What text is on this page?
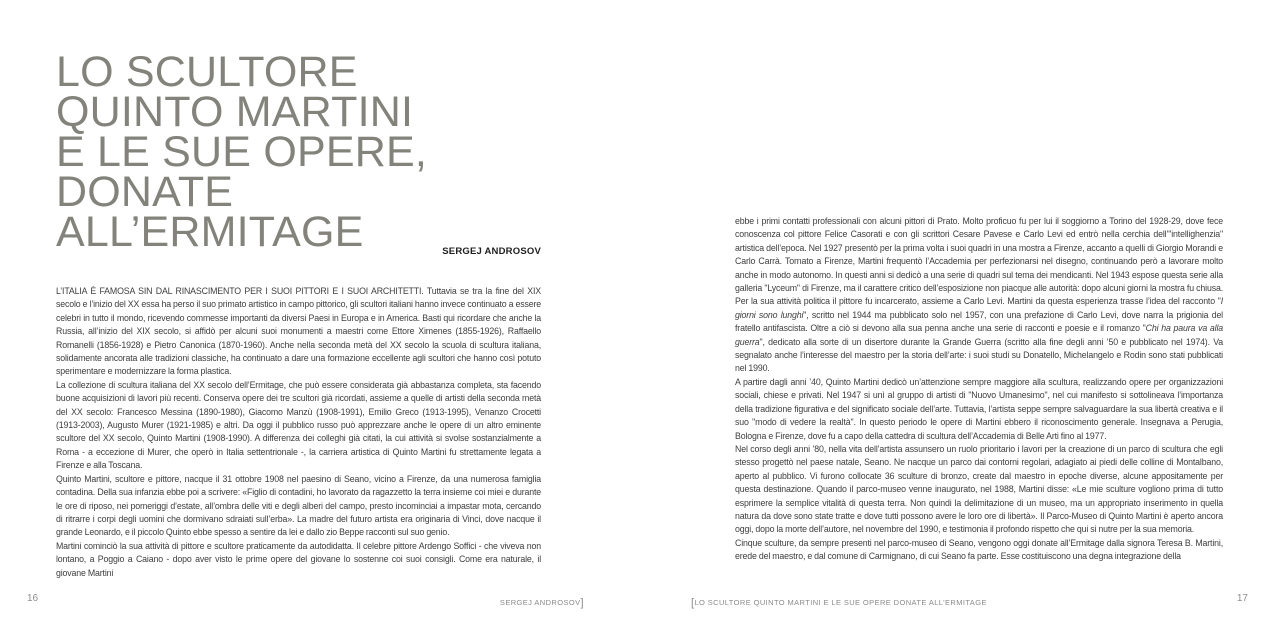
LO SCULTORE
QUINTO MARTINI
E LE SUE OPERE,
DONATE
ALL’ERMITAGE	SERGEJ ANDROSOV

L’ITALIA È FAMOSA SIN DAL RINASCIMENTO PER I SUOI PITTORI E I SUOI ARCHITETTI. Tuttavia se tra la fine del XIX secolo e l’inizio del XX essa ha perso il suo primato artistico in campo pittorico, gli scultori italiani hanno invece continuato a essere celebri in tutto il mondo, ricevendo commesse importanti da diversi Paesi in Europa e in America. Basti qui ricordare che anche la Russia, all’inizio del XIX secolo, si affidò per alcuni suoi monumenti a maestri come Ettore Ximenes (1855-1926), Raffaello Romanelli (1856-1928) e Pietro Canonica (1870-1960). Anche nella seconda metà del XX secolo la scuola di scultura italiana, solidamente ancorata alle tradizioni classiche, ha continuato a dare una formazione eccellente agli scultori che hanno così potuto sperimentare e modernizzare la forma plastica.

La collezione di scultura italiana del XX secolo dell’Ermitage, che può essere considerata già abbastanza completa, sta facendo buone acquisizioni di lavori più recenti. Conserva opere dei tre scultori già ricordati, assieme a quelle di artisti della seconda metà del XX secolo: Francesco Messina (1890-1980), Giacomo Manzù (1908-1991), Emilio Greco (1913-1995), Venanzo Crocetti (1913-2003), Augusto Murer (1921-1985) e altri. Da oggi il pubblico russo può apprezzare anche le opere di un altro eminente scultore del XX secolo, Quinto Martini (1908-1990). A differenza dei colleghi già citati, la cui attività si svolse sostanzialmente a Roma - a eccezione di Murer, che operò in Italia settentrionale -, la carriera artistica di Quinto Martini fu strettamente legata a Firenze e alla Toscana.

Quinto Martini, scultore e pittore, nacque il 31 ottobre 1908 nel paesino di Seano, vicino a Firenze, da una numerosa famiglia contadina. Della sua infanzia ebbe poi a scrivere: «Figlio di contadini, ho lavorato da ragazzetto la terra insieme coi miei e durante le ore di riposo, nei pomeriggi d’estate, all’ombra delle viti e degli alberi del campo, presto incominciai a impastar mota, cercando di ritrarre i corpi degli uomini che dormivano sdraiati sull’erba». La madre del futuro artista era originaria di Vinci, dove nacque il grande Leonardo, e il piccolo Quinto ebbe spesso a sentire da lei e dallo zio Beppe racconti sul suo genio.

Martini cominciò la sua attività di pittore e scultore praticamente da autodidatta. Il celebre pittore Ardengo Soffici - che viveva non lontano, a Poggio a Caiano - dopo aver visto le prime opere del giovane lo sostenne coi suoi consigli. Come era naturale, il giovane Martini

16	SERGEJ ANDROSOV]

ebbe i primi contatti professionali con alcuni pittori di Prato. Molto proficuo fu per lui il soggiorno a Torino del 1928-29, dove fece conoscenza col pittore Felice Casorati e con gli scrittori Cesare Pavese e Carlo Levi ed entrò nella cerchia dell’"intellighenzia" artistica dell’epoca. Nel 1927 presentò per la prima volta i suoi quadri in una mostra a Firenze, accanto a quelli di Giorgio Morandi e Carlo Carrà. Tornato a Firenze, Martini frequentò l’Accademia per perfezionarsi nel disegno, continuando però a lavorare molto anche in modo autonomo. In questi anni si dedicò a una serie di quadri sul tema dei mendicanti. Nel 1943 espose questa serie alla galleria "Lyceum" di Firenze, ma il carattere critico dell’esposizione non piacque alle autorità: dopo alcuni giorni la mostra fu chiusa. Per la sua attività politica il pittore fu incarcerato, assieme a Carlo Levi. Martini da questa esperienza trasse l’idea del racconto "I giorni sono lunghi", scritto nel 1944 ma pubblicato solo nel 1957, con una prefazione di Carlo Levi, dove narra la prigionia del fratello antifascista. Oltre a ciò si devono alla sua penna anche una serie di racconti e poesie e il romanzo "Chi ha paura va alla guerra", dedicato alla sorte di un disertore durante la Grande Guerra (scritto alla fine degli anni ’50 e pubblicato nel 1974). Va segnalato anche l’interesse del maestro per la storia dell’arte: i suoi studi su Donatello, Michelangelo e Rodin sono stati pubblicati nel 1990.

A partire dagli anni ’40, Quinto Martini dedicò un’attenzione sempre maggiore alla scultura, realizzando opere per organizzazioni sociali, chiese e privati. Nel 1947 si unì al gruppo di artisti di "Nuovo Umanesimo", nel cui manifesto si sottolineava l’importanza della tradizione figurativa e del significato sociale dell’arte. Tuttavia, l’artista seppe sempre salvaguardare la sua libertà creativa e il suo "modo di vedere la realtà". In questo periodo le opere di Martini ebbero il riconoscimento generale. Insegnava a Perugia, Bologna e Firenze, dove fu a capo della cattedra di scultura dell’Accademia di Belle Arti fino al 1977.

Nel corso degli anni ’80, nella vita dell’artista assunsero un ruolo prioritario i lavori per la creazione di un parco di scultura che egli stesso progettò nel paese natale, Seano. Ne nacque un parco dai contorni regolari, adagiato ai piedi delle colline di Montalbano, aperto al pubblico. Vi furono collocate 36 sculture di bronzo, create dal maestro in epoche diverse, alcune appositamente per questa destinazione. Quando il parco-museo venne inaugurato, nel 1988, Martini disse: «Le mie sculture vogliono prima di tutto esprimere la semplice vitalità di questa terra. Non quindi la delimitazione di un museo, ma un appropriato inserimento in quella natura da dove sono state tratte e dove tutti possono avere le loro ore di libertà». Il Parco-Museo di Quinto Martini è aperto ancora oggi, dopo la morte dell’autore, nel novembre del 1990, e testimonia il profondo rispetto che qui si nutre per la sua memoria.

Cinque sculture, da sempre presenti nel parco-museo di Seano, vengono oggi donate all’Ermitage dalla signora Teresa B. Martini, erede del maestro, e dal comune di Carmignano, di cui Seano fa parte. Esse costituiscono una degna integrazione della

[LO SCULTORE QUINTO MARTINI E LE SUE OPERE DONATE ALL’ERMITAGE	17
